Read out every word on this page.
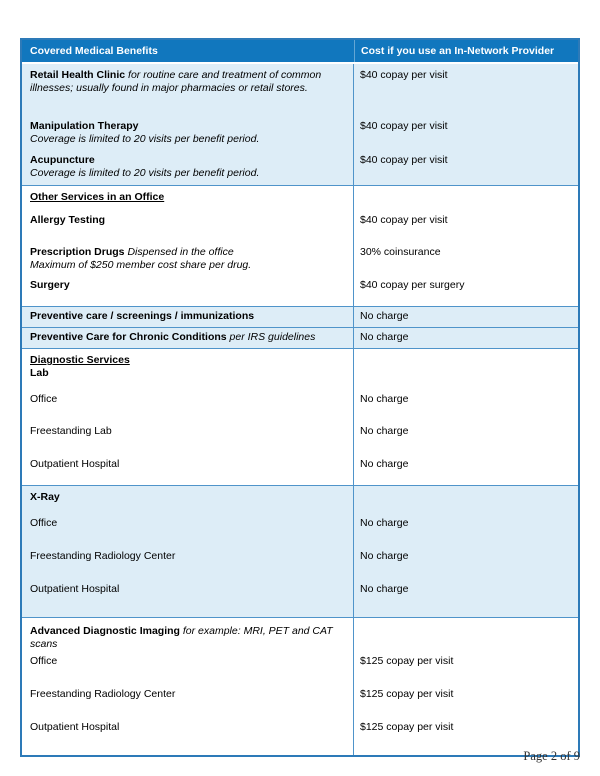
Covered Medical Benefits	Cost if you use an In-Network Provider
Retail Health Clinic for routine care and treatment of common illnesses; usually found in major pharmacies or retail stores.
$40 copay per visit
Manipulation Therapy
Coverage is limited to 20 visits per benefit period.
$40 copay per visit
Acupuncture
Coverage is limited to 20 visits per benefit period.
$40 copay per visit
Other Services in an Office
Allergy Testing	$40 copay per visit
Prescription Drugs Dispensed in the office
Maximum of $250 member cost share per drug.
30% coinsurance
Surgery	$40 copay per surgery
Preventive care / screenings / immunizations	No charge
Preventive Care for Chronic Conditions per IRS guidelines	No charge
Diagnostic Services
Lab
Office	No charge
Freestanding Lab	No charge
Outpatient Hospital	No charge
X-Ray
Office	No charge
Freestanding Radiology Center	No charge
Outpatient Hospital	No charge
Advanced Diagnostic Imaging for example: MRI, PET and CAT scans
Office	$125 copay per visit
Freestanding Radiology Center	$125 copay per visit
Outpatient Hospital	$125 copay per visit
Page 2 of 9
